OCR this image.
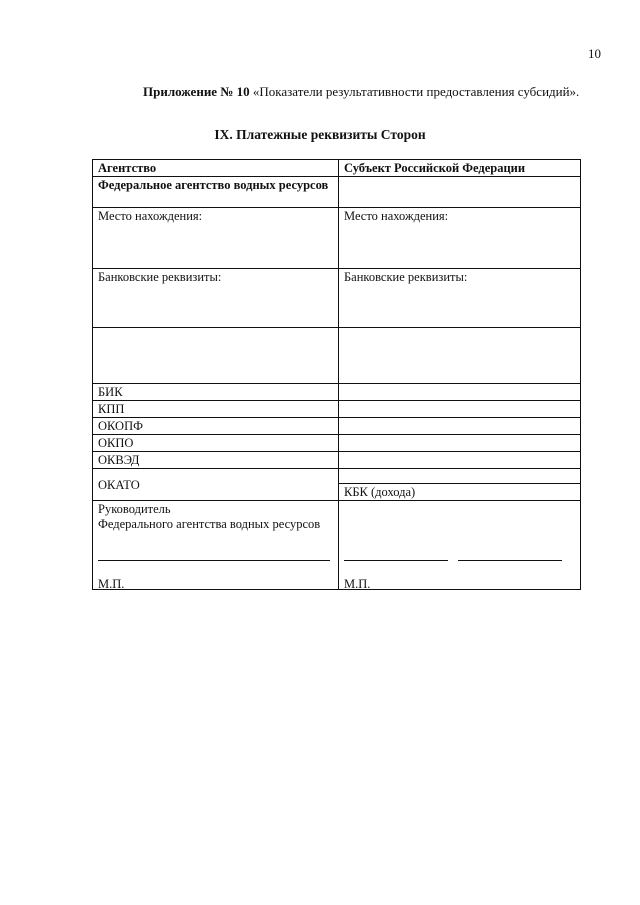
10
Приложение № 10 «Показатели результативности предоставления субсидий».
IX. Платежные реквизиты Сторон
Агентство	Субъект Российской Федерации
Федеральное агентство водных ресурсов	
Место нахождения:	Место нахождения:
Банковские реквизиты:	Банковские реквизиты:

БИК	
КПП	
ОКОПФ	
ОКПО	
ОКВЭД	
ОКАТО	КБК (дохода)

Руководитель
Федерального агентства водных ресурсов
М.П.	М.П.
